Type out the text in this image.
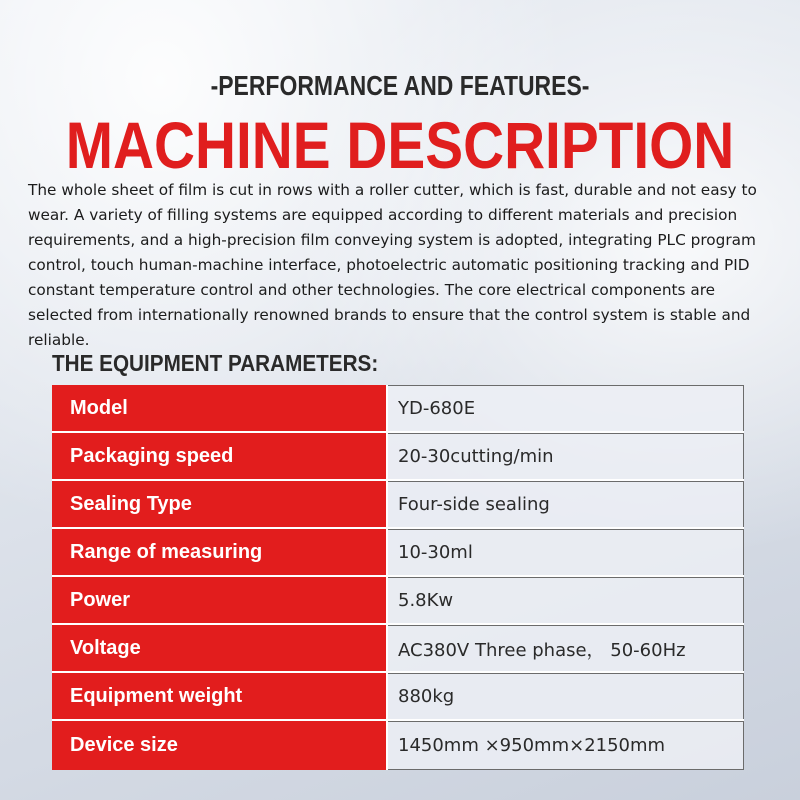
-PERFORMANCE AND FEATURES-
MACHINE DESCRIPTION

The whole sheet of film is cut in rows with a roller cutter, which is fast, durable and not easy to wear. A variety of filling systems are equipped according to different materials and precision requirements, and a high-precision film conveying system is adopted, integrating PLC program control, touch human-machine interface, photoelectric automatic positioning tracking and PID constant temperature control and other technologies. The core electrical components are selected from internationally renowned brands to ensure that the control system is stable and reliable.

THE EQUIPMENT PARAMETERS:
Model	YD-680E
Packaging speed	20-30cutting/min
Sealing Type	Four-side sealing
Range of measuring	10-30ml
Power	5.8Kw
Voltage	AC380V Three phase， 50-60Hz
Equipment weight	880kg
Device size	1450mm ×950mm×2150mm
